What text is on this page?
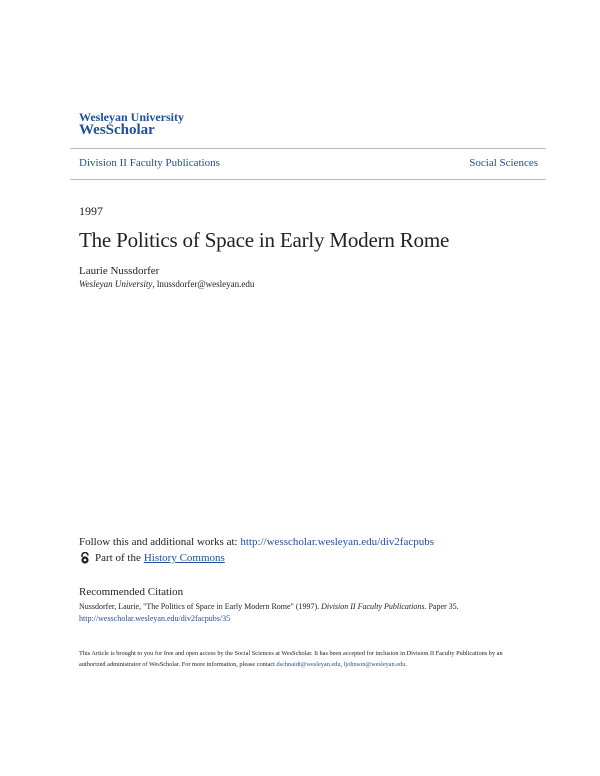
Wesleyan University
WesScholar
Division II Faculty Publications	Social Sciences
1997
The Politics of Space in Early Modern Rome
Laurie Nussdorfer
Wesleyan University, lnussdorfer@wesleyan.edu
Follow this and additional works at: http://wesscholar.wesleyan.edu/div2facpubs
Part of the History Commons
Recommended Citation
Nussdorfer, Laurie, "The Politics of Space in Early Modern Rome" (1997). Division II Faculty Publications. Paper 35.
http://wesscholar.wesleyan.edu/div2facpubs/35
This Article is brought to you for free and open access by the Social Sciences at WesScholar. It has been accepted for inclusion in Division II Faculty Publications by an authorized administrator of WesScholar. For more information, please contact dschnaidt@wesleyan.edu, ljohnson@wesleyan.edu.
